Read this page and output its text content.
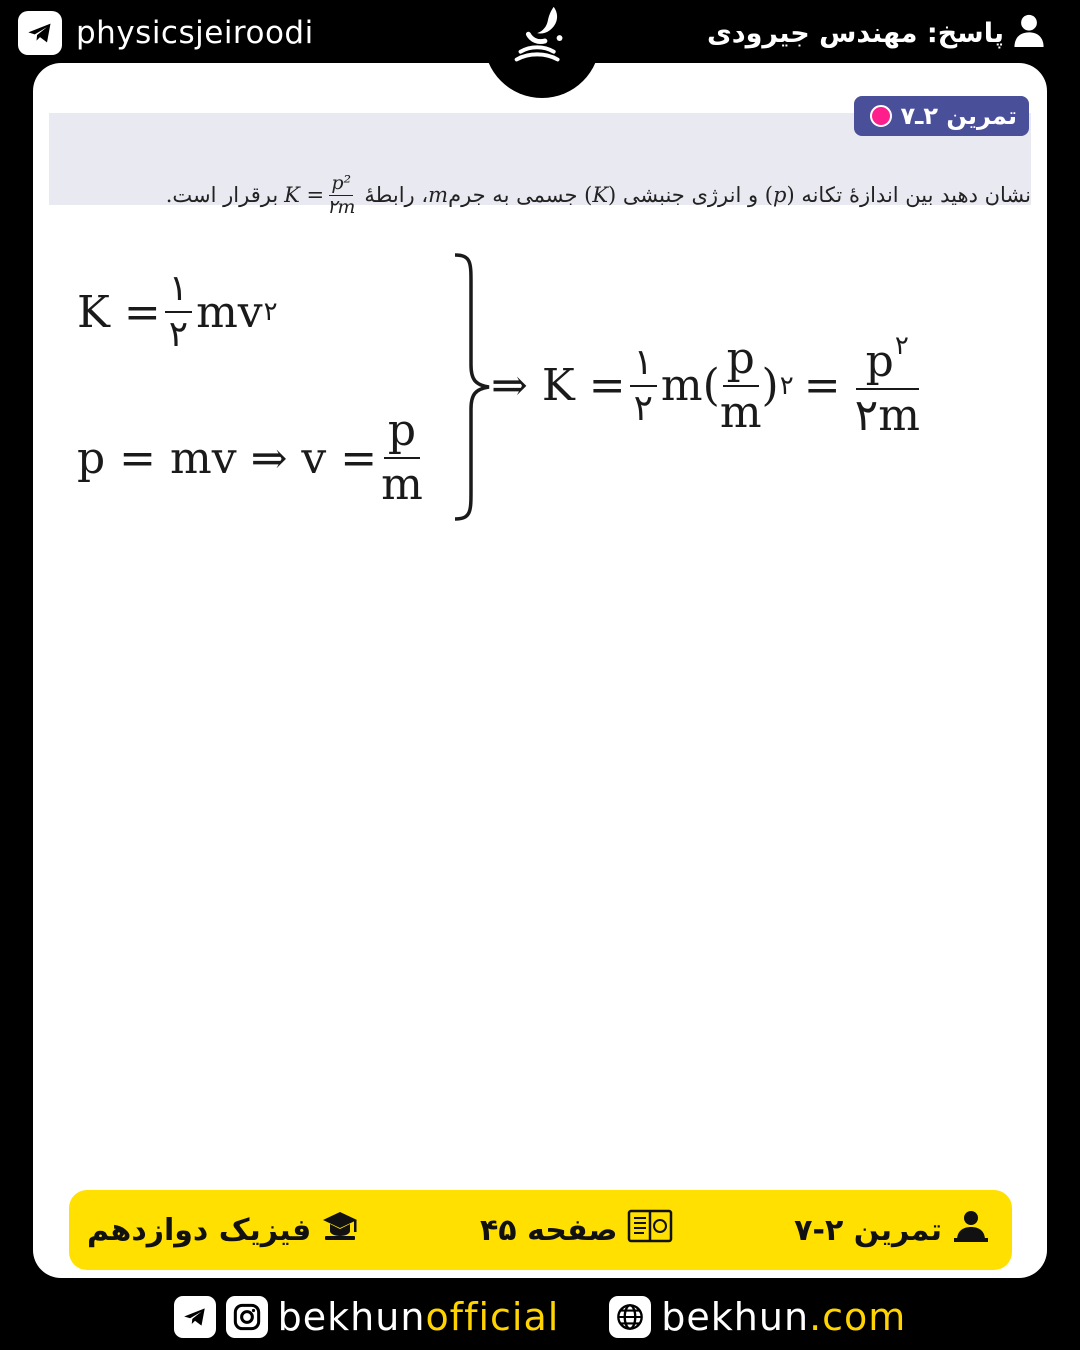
physicsjeiroodi	پاسخ: مهندس جیرودی
تمرین ۲ـ۷
نشان دهید بین اندازهٔ تکانه (
p
) و انرژی جنبشی (
K
) جسمی به جرم
m
، رابطهٔ
$K = \frac{\text{p²}}{۲m}$
برقرار است.
$K = \frac{۱}{۲}$ mv ۲
p = mv ⇒ $v = \frac{p}{m}$
⇒ $K = \frac{۱}{۲} m( \frac{p}{m}$ ) ۲ = $\frac{p^۲}{۲m}$
فیزیک دوازدهم	صفحه ۴۵	تمرین ۲-۷
bekhunofficial	bekhun.com
